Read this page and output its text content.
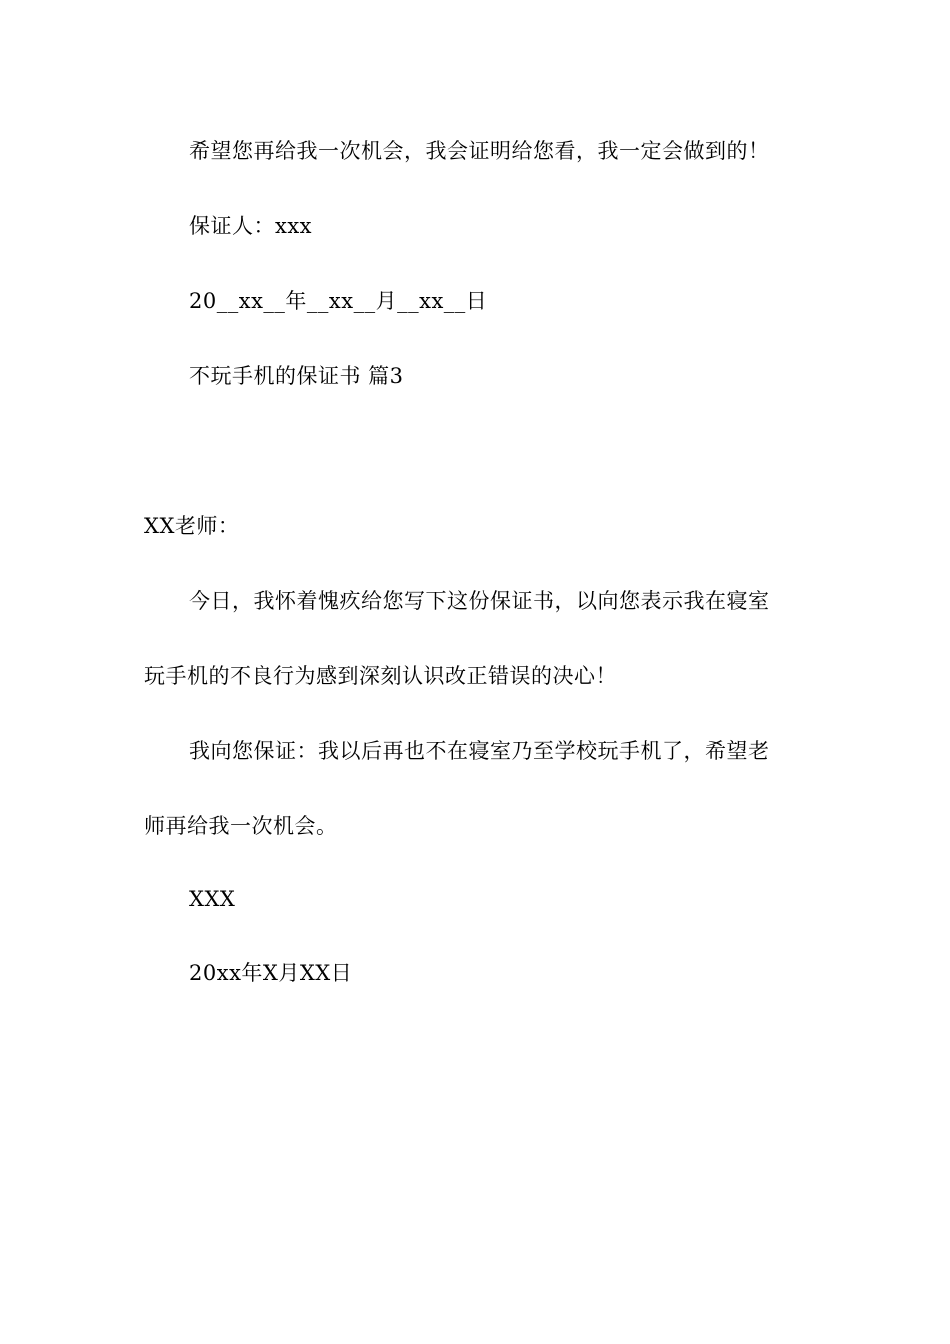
希望您再给我一次机会，我会证明给您看，我一定会做到的！
保证人：xxx
20__xx__年__xx__月__xx__日
不玩手机的保证书 篇3
XX老师：
今日，我怀着愧疚给您写下这份保证书，以向您表示我在寝室
玩手机的不良行为感到深刻认识改正错误的决心！
我向您保证：我以后再也不在寝室乃至学校玩手机了，希望老
师再给我一次机会。
XXX
20xx年X月XX日
